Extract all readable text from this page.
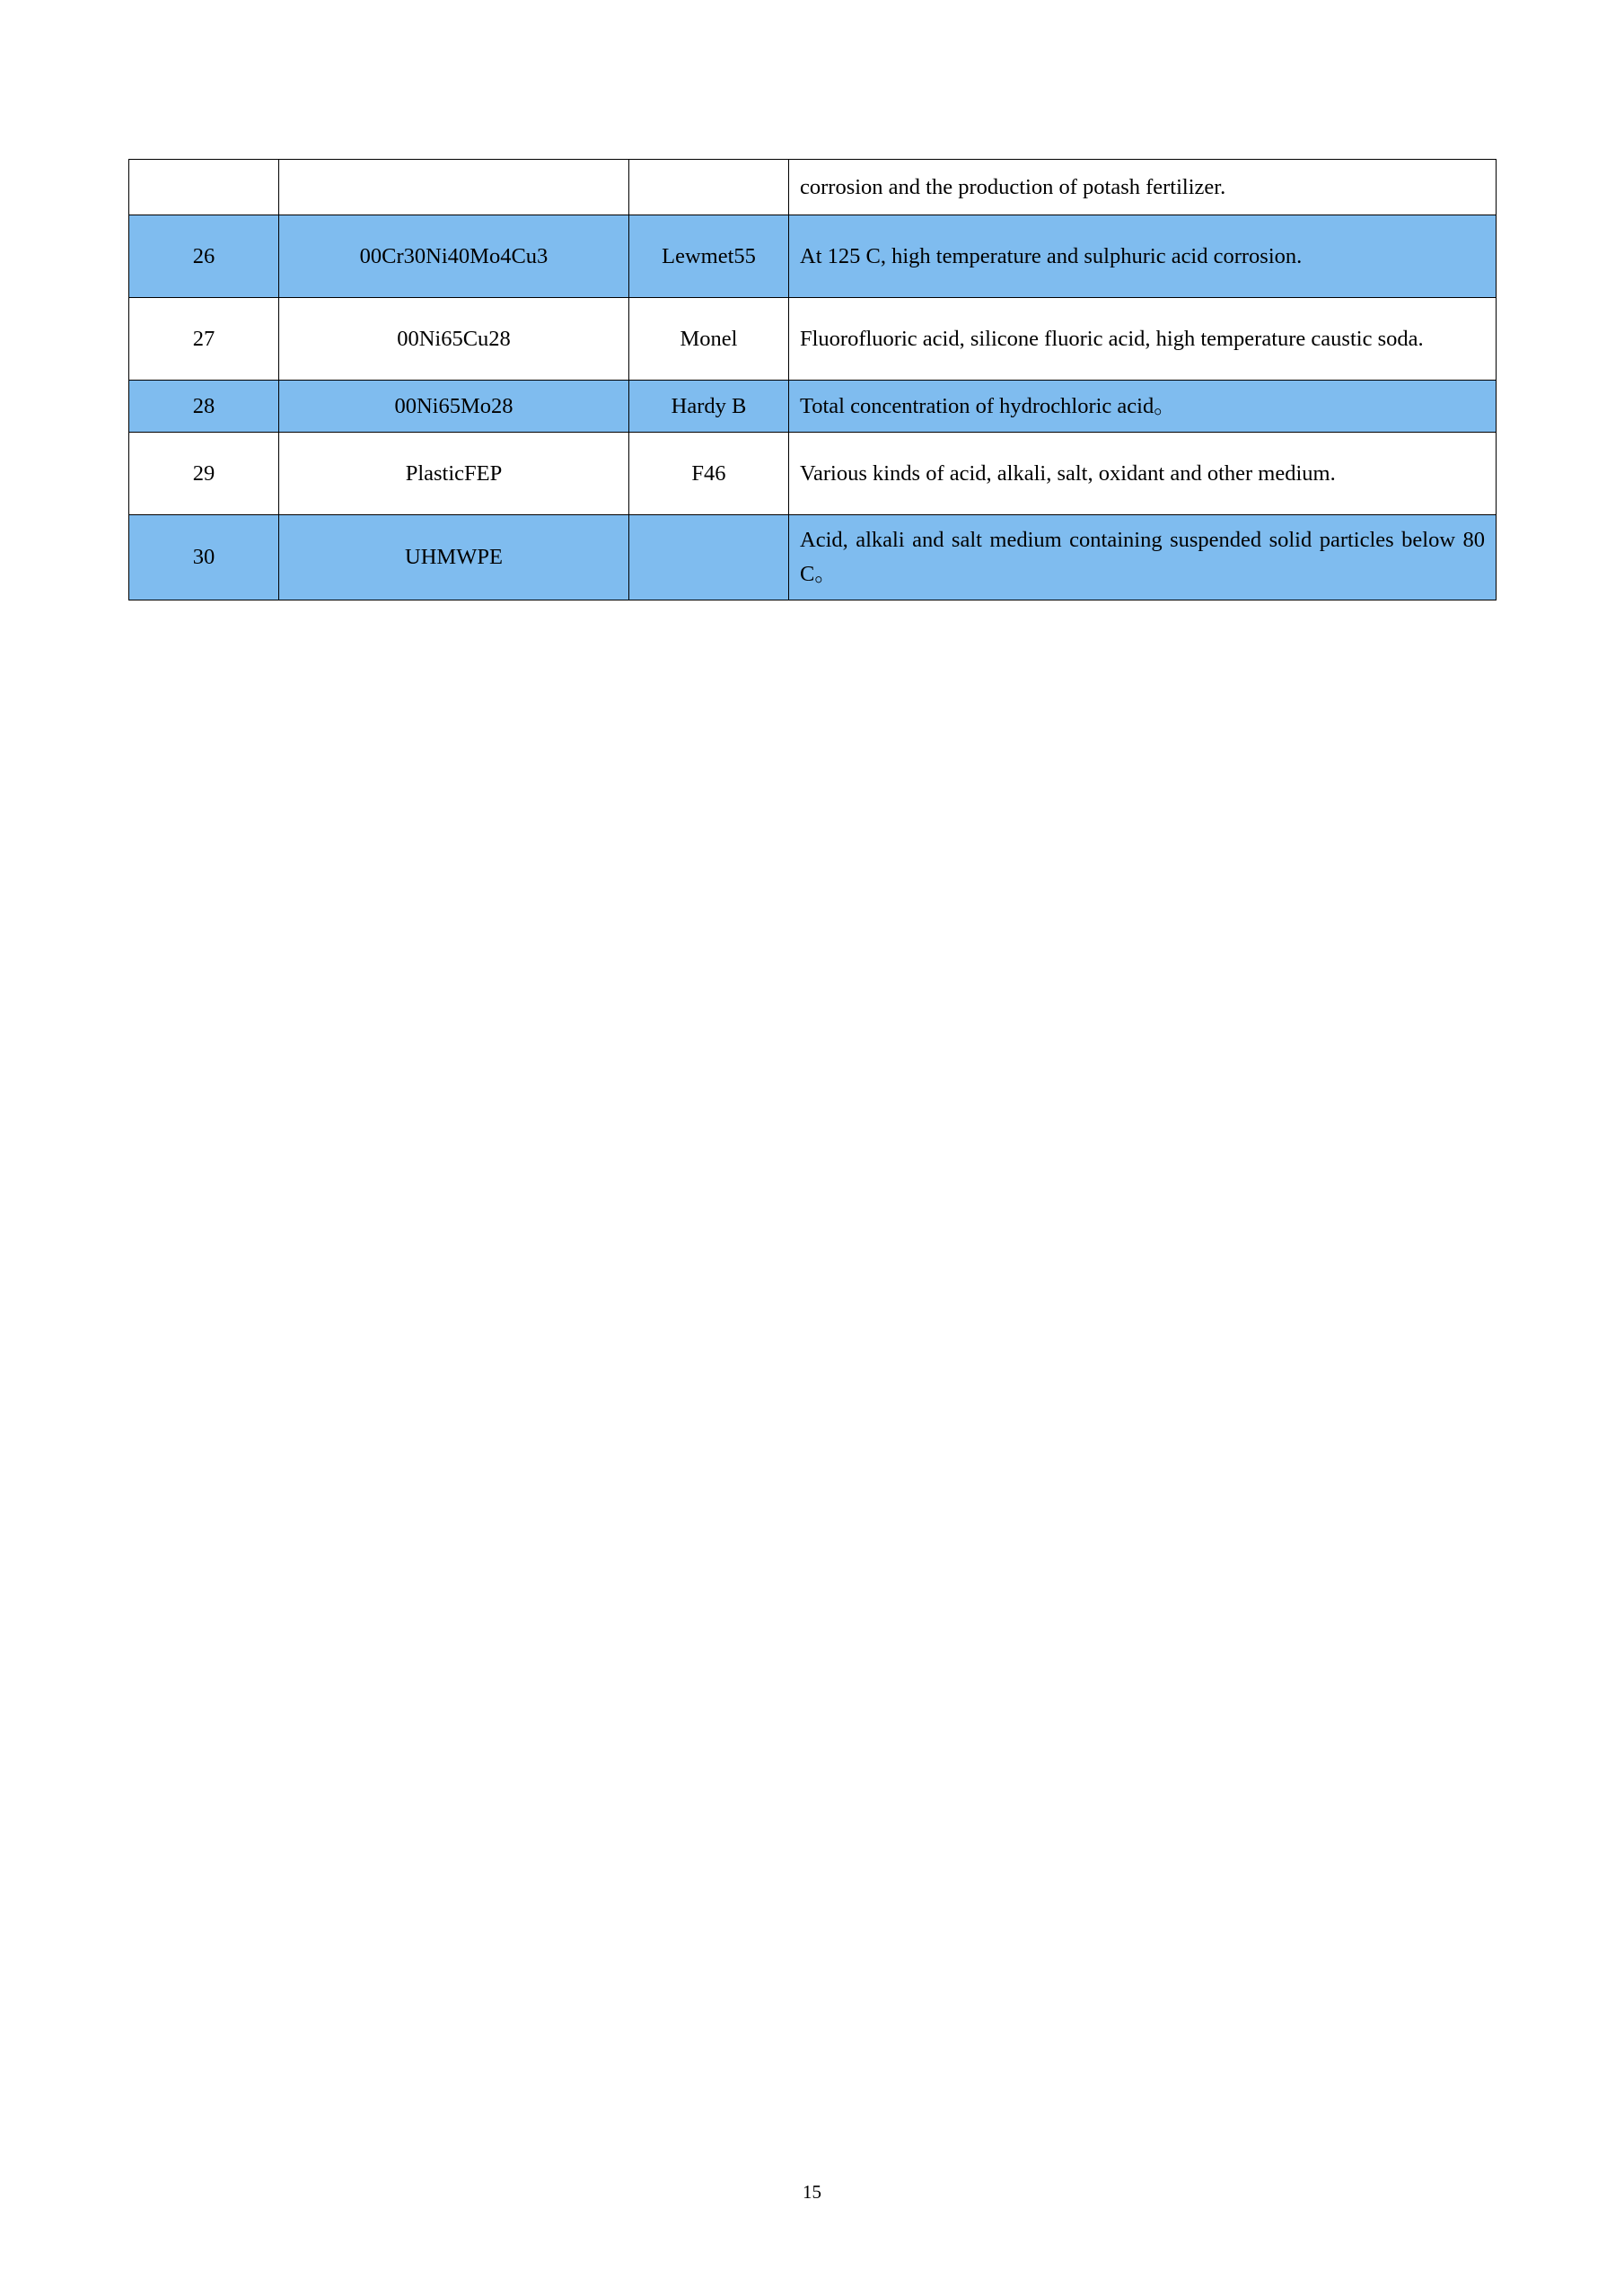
			corrosion and the production of potash fertilizer.
26	00Cr30Ni40Mo4Cu3	Lewmet55	At 125 C, high temperature and sulphuric acid corrosion.
27	00Ni65Cu28	Monel	Fluorofluoric acid, silicone fluoric acid, high temperature caustic soda.
28	00Ni65Mo28	Hardy B	Total concentration of hydrochloric acid。
29	PlasticFEP	F46	Various kinds of acid, alkali, salt, oxidant and other medium.
30	UHMWPE		Acid, alkali and salt medium containing suspended solid particles below 80 C。
15
